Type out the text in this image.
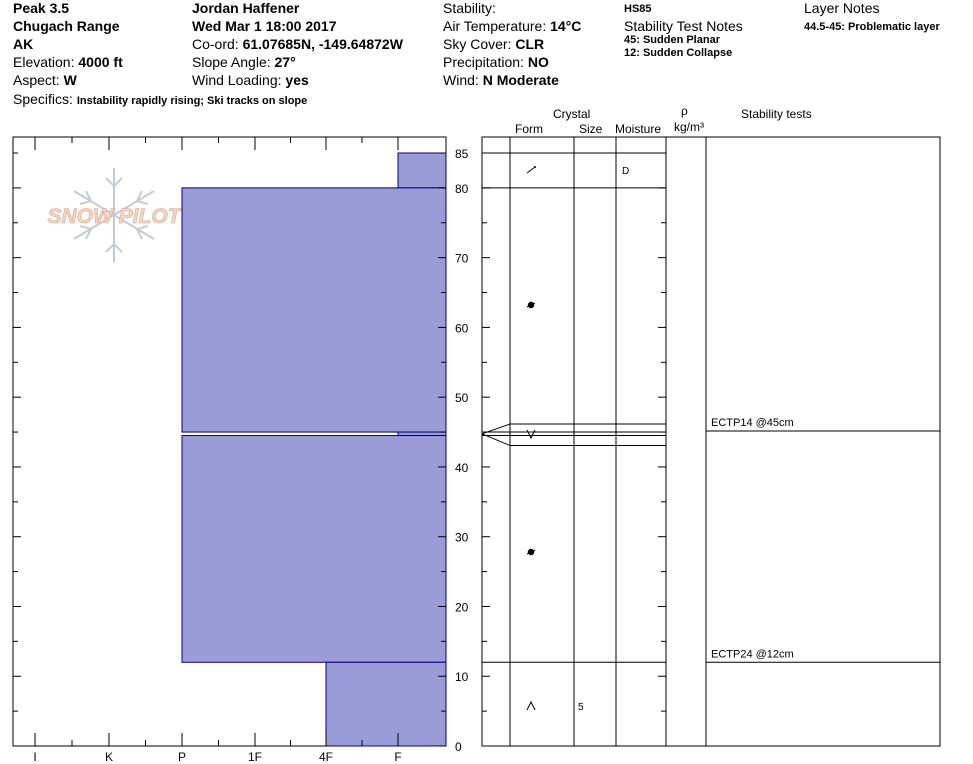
Peak 3.5
Chugach Range
AK
Elevation: 4000 ft
Aspect: W
Specifics: Instability rapidly rising; Ski tracks on slope
Jordan Haffener
Wed Mar 1 18:00 2017
Co-ord: 61.07685N, -149.64872W
Slope Angle: 27°
Wind Loading: yes
Stability:
Air Temperature: 14°C
Sky Cover: CLR
Precipitation: NO
Wind: N Moderate
HS85
Stability Test Notes
45: Sudden Planar
12: Sudden Collapse
Layer Notes
44.5-45: Problematic layer
Crystal
Form	Size Moisture
ρ
kg/m³
Stability tests
SNOW PILOT
I	K	P	1F	4F	F
0
10
20
30
40
50
60
70
80
85
D
5
ECTP14 @45cm
ECTP24 @12cm
